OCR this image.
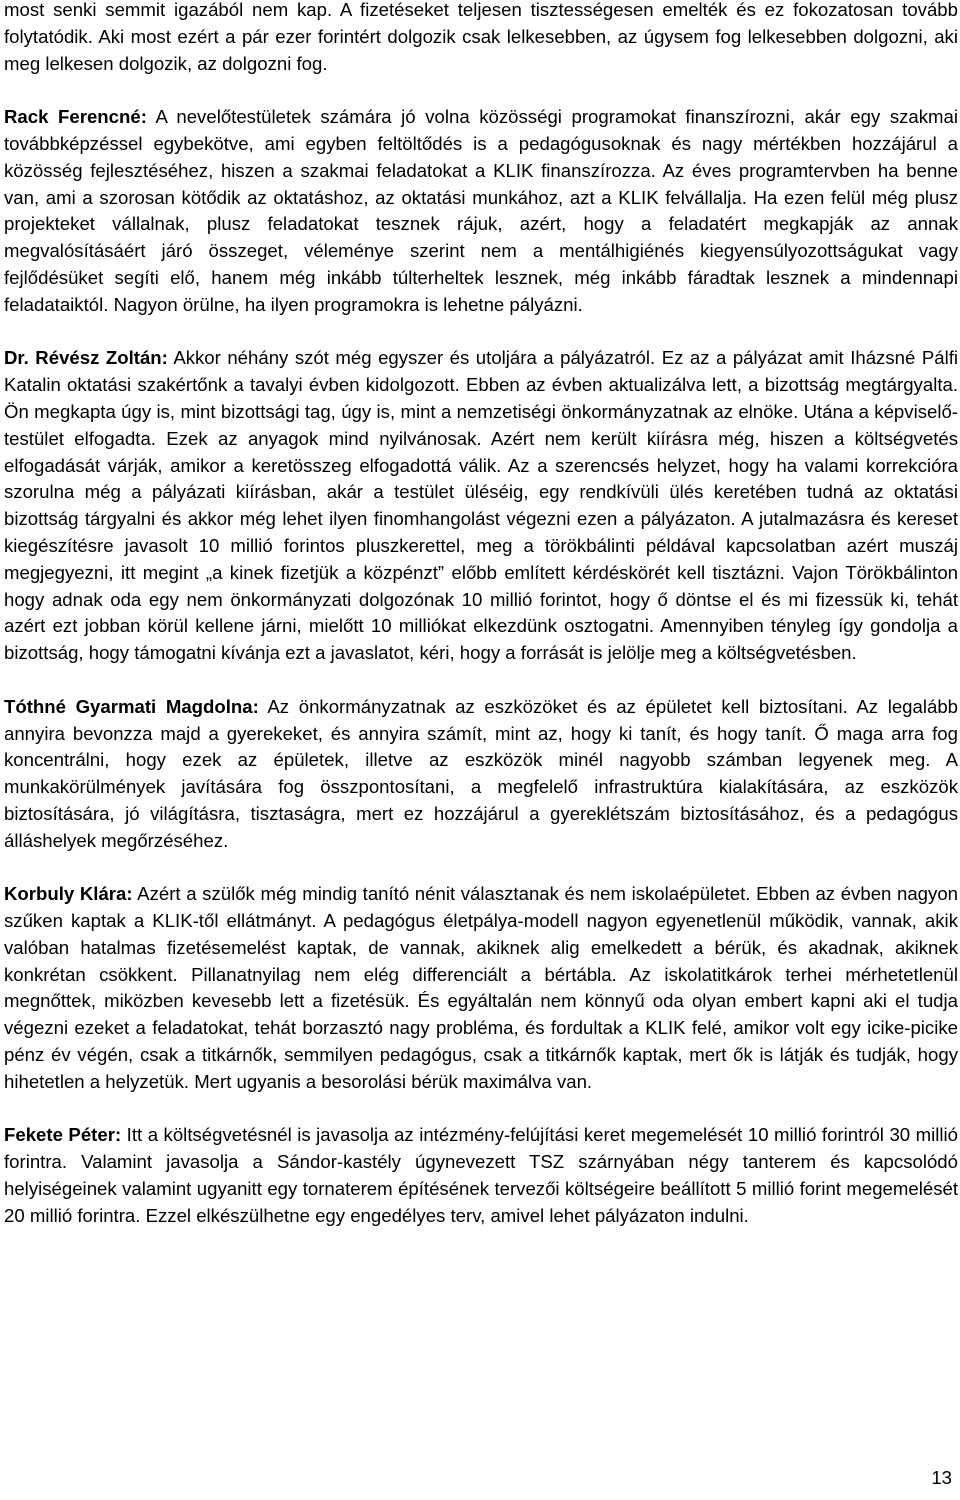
most senki semmit igazából nem kap. A fizetéseket teljesen tisztességesen emelték és ez fokozatosan tovább folytatódik. Aki most ezért a pár ezer forintért dolgozik csak lelkesebben, az úgysem fog lelkesebben dolgozni, aki meg lelkesen dolgozik, az dolgozni fog.

Rack Ferencné: A nevelőtestületek számára jó volna közösségi programokat finanszírozni, akár egy szakmai továbbképzéssel egybekötve, ami egyben feltöltődés is a pedagógusoknak és nagy mértékben hozzájárul a közösség fejlesztéséhez, hiszen a szakmai feladatokat a KLIK finanszírozza. Az éves programtervben ha benne van, ami a szorosan kötődik az oktatáshoz, az oktatási munkához, azt a KLIK felvállalja. Ha ezen felül még plusz projekteket vállalnak, plusz feladatokat tesznek rájuk, azért, hogy a feladatért megkapják az annak megvalósításáért járó összeget, véleménye szerint nem a mentálhigiénés kiegyensúlyozottságukat vagy fejlődésüket segíti elő, hanem még inkább túlterheltek lesznek, még inkább fáradtak lesznek a mindennapi feladataiktól. Nagyon örülne, ha ilyen programokra is lehetne pályázni.

Dr. Révész Zoltán: Akkor néhány szót még egyszer és utoljára a pályázatról. Ez az a pályázat amit Iházsné Pálfi Katalin oktatási szakértőnk a tavalyi évben kidolgozott. Ebben az évben aktualizálva lett, a bizottság megtárgyalta. Ön megkapta úgy is, mint bizottsági tag, úgy is, mint a nemzetiségi önkormányzatnak az elnöke. Utána a képviselő-testület elfogadta. Ezek az anyagok mind nyilvánosak. Azért nem került kiírásra még, hiszen a költségvetés elfogadását várják, amikor a keretösszeg elfogadottá válik. Az a szerencsés helyzet, hogy ha valami korrekcióra szorulna még a pályázati kiírásban, akár a testület üléséig, egy rendkívüli ülés keretében tudná az oktatási bizottság tárgyalni és akkor még lehet ilyen finomhangolást végezni ezen a pályázaton. A jutalmazásra és kereset kiegészítésre javasolt 10 millió forintos pluszkerettel, meg a törökbálinti példával kapcsolatban azért muszáj megjegyezni, itt megint „a kinek fizetjük a közpénzt” előbb említett kérdéskörét kell tisztázni. Vajon Törökbálinton hogy adnak oda egy nem önkormányzati dolgozónak 10 millió forintot, hogy ő döntse el és mi fizessük ki, tehát azért ezt jobban körül kellene járni, mielőtt 10 milliókat elkezdünk osztogatni. Amennyiben tényleg így gondolja a bizottság, hogy támogatni kívánja ezt a javaslatot, kéri, hogy a forrását is jelölje meg a költségvetésben.

Tóthné Gyarmati Magdolna: Az önkormányzatnak az eszközöket és az épületet kell biztosítani. Az legalább annyira bevonzza majd a gyerekeket, és annyira számít, mint az, hogy ki tanít, és hogy tanít. Ő maga arra fog koncentrálni, hogy ezek az épületek, illetve az eszközök minél nagyobb számban legyenek meg. A munkakörülmények javítására fog összpontosítani, a megfelelő infrastruktúra kialakítására, az eszközök biztosítására, jó világításra, tisztaságra, mert ez hozzájárul a gyereklétszám biztosításához, és a pedagógus álláshelyek megőrzéséhez.

Korbuly Klára: Azért a szülők még mindig tanító nénit választanak és nem iskolaépületet. Ebben az évben nagyon szűken kaptak a KLIK-től ellátmányt. A pedagógus életpálya-modell nagyon egyenetlenül működik, vannak, akik valóban hatalmas fizetésemelést kaptak, de vannak, akiknek alig emelkedett a bérük, és akadnak, akiknek konkrétan csökkent. Pillanatnyilag nem elég differenciált a bértábla. Az iskolatitkárok terhei mérhetetlenül megnőttek, miközben kevesebb lett a fizetésük. És egyáltalán nem könnyű oda olyan embert kapni aki el tudja végezni ezeket a feladatokat, tehát borzasztó nagy probléma, és fordultak a KLIK felé, amikor volt egy icike-picike pénz év végén, csak a titkárnők, semmilyen pedagógus, csak a titkárnők kaptak, mert ők is látják és tudják, hogy hihetetlen a helyzetük. Mert ugyanis a besorolási bérük maximálva van.

Fekete Péter: Itt a költségvetésnél is javasolja az intézmény-felújítási keret megemelését 10 millió forintról 30 millió forintra. Valamint javasolja a Sándor-kastély úgynevezett TSZ szárnyában négy tanterem és kapcsolódó helyiségeinek valamint ugyanitt egy tornaterem építésének tervezői költségeire beállított 5 millió forint megemelését 20 millió forintra. Ezzel elkészülhetne egy engedélyes terv, amivel lehet pályázaton indulni.

13
